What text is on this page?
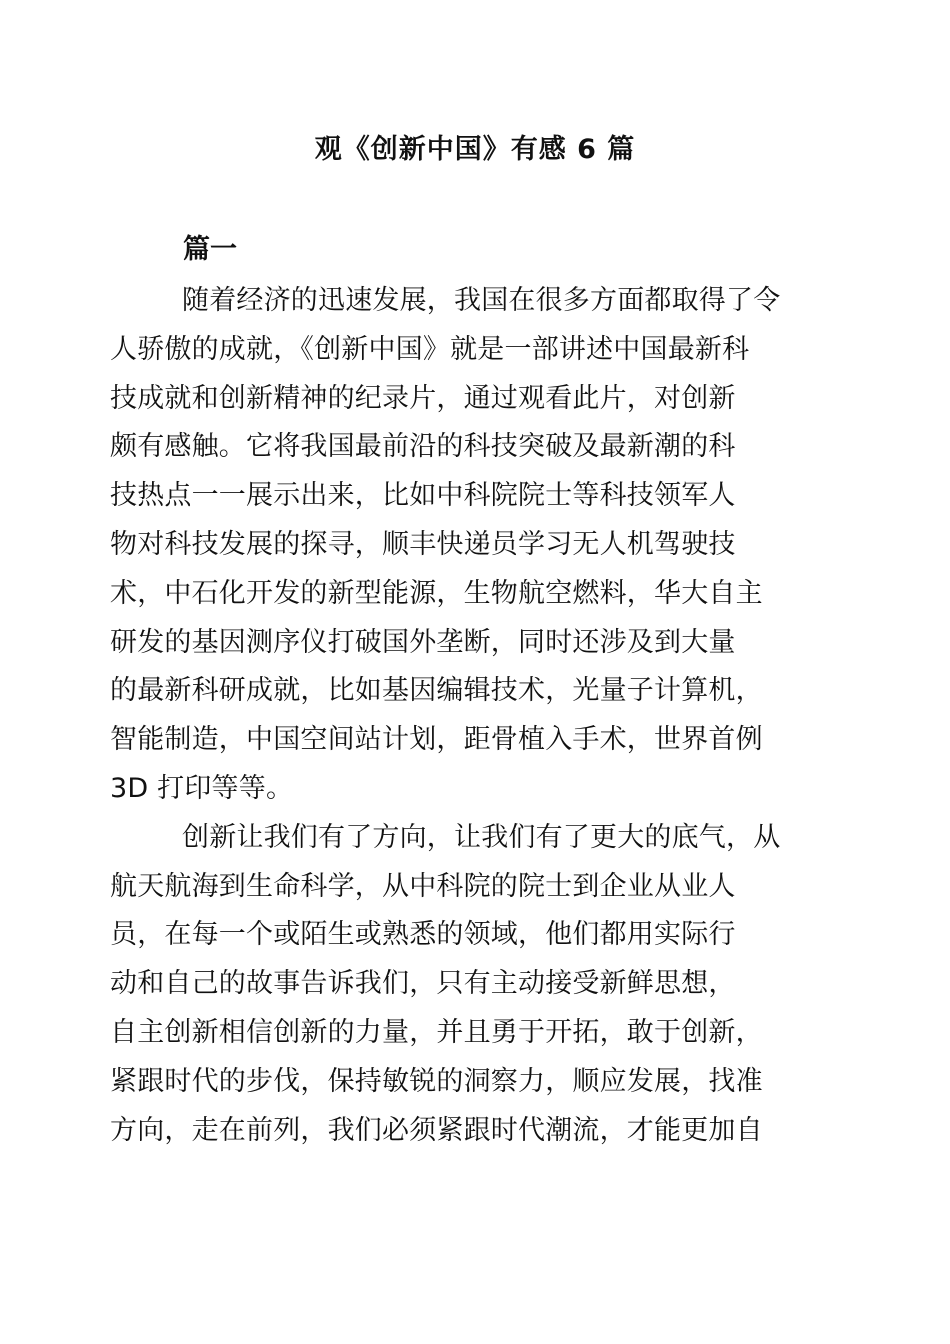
观《创新中国》有感 6 篇
篇一

随着经济的迅速发展，我国在很多方面都取得了令
人骄傲的成就，《创新中国》就是一部讲述中国最新科
技成就和创新精神的纪录片，通过观看此片，对创新
颇有感触。它将我国最前沿的科技突破及最新潮的科
技热点一一展示出来，比如中科院院士等科技领军人
物对科技发展的探寻，顺丰快递员学习无人机驾驶技
术，中石化开发的新型能源，生物航空燃料，华大自主
研发的基因测序仪打破国外垄断，同时还涉及到大量
的最新科研成就，比如基因编辑技术，光量子计算机，
智能制造，中国空间站计划，距骨植入手术，世界首例
3D 打印等等。

创新让我们有了方向，让我们有了更大的底气，从
航天航海到生命科学，从中科院的院士到企业从业人
员，在每一个或陌生或熟悉的领域，他们都用实际行
动和自己的故事告诉我们，只有主动接受新鲜思想，
自主创新相信创新的力量，并且勇于开拓，敢于创新，
紧跟时代的步伐，保持敏锐的洞察力，顺应发展，找准
方向，走在前列，我们必须紧跟时代潮流，才能更加自
